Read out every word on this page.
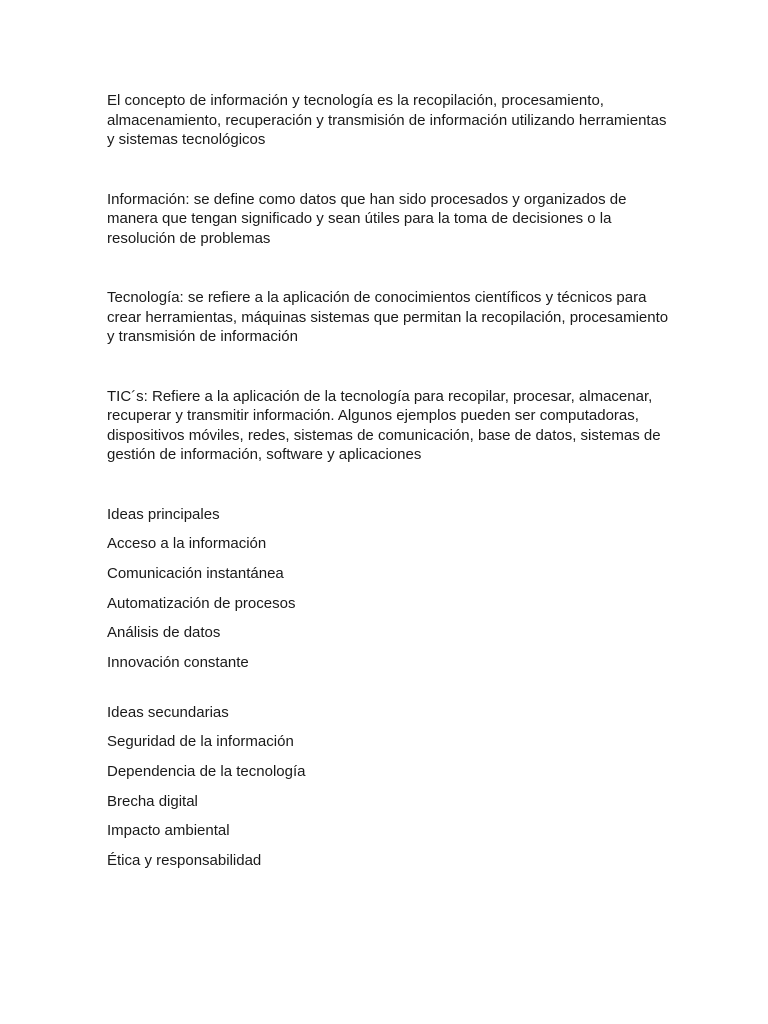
El concepto de información y tecnología es la recopilación, procesamiento, almacenamiento, recuperación y transmisión de información utilizando herramientas y sistemas tecnológicos

Información: se define como datos que han sido procesados y organizados de manera que tengan significado y sean útiles para la toma de decisiones o la resolución de problemas

Tecnología: se refiere a la aplicación de conocimientos científicos y técnicos para crear herramientas, máquinas sistemas que permitan la recopilación, procesamiento y transmisión de información

TIC´s: Refiere a la aplicación de la tecnología para recopilar, procesar, almacenar, recuperar y transmitir información. Algunos ejemplos pueden ser computadoras, dispositivos móviles, redes, sistemas de comunicación, base de datos, sistemas de gestión de información, software y aplicaciones

Ideas principales
Acceso a la información
Comunicación instantánea
Automatización de procesos
Análisis de datos
Innovación constante
Ideas secundarias
Seguridad de la información
Dependencia de la tecnología
Brecha digital
Impacto ambiental
Ética y responsabilidad
